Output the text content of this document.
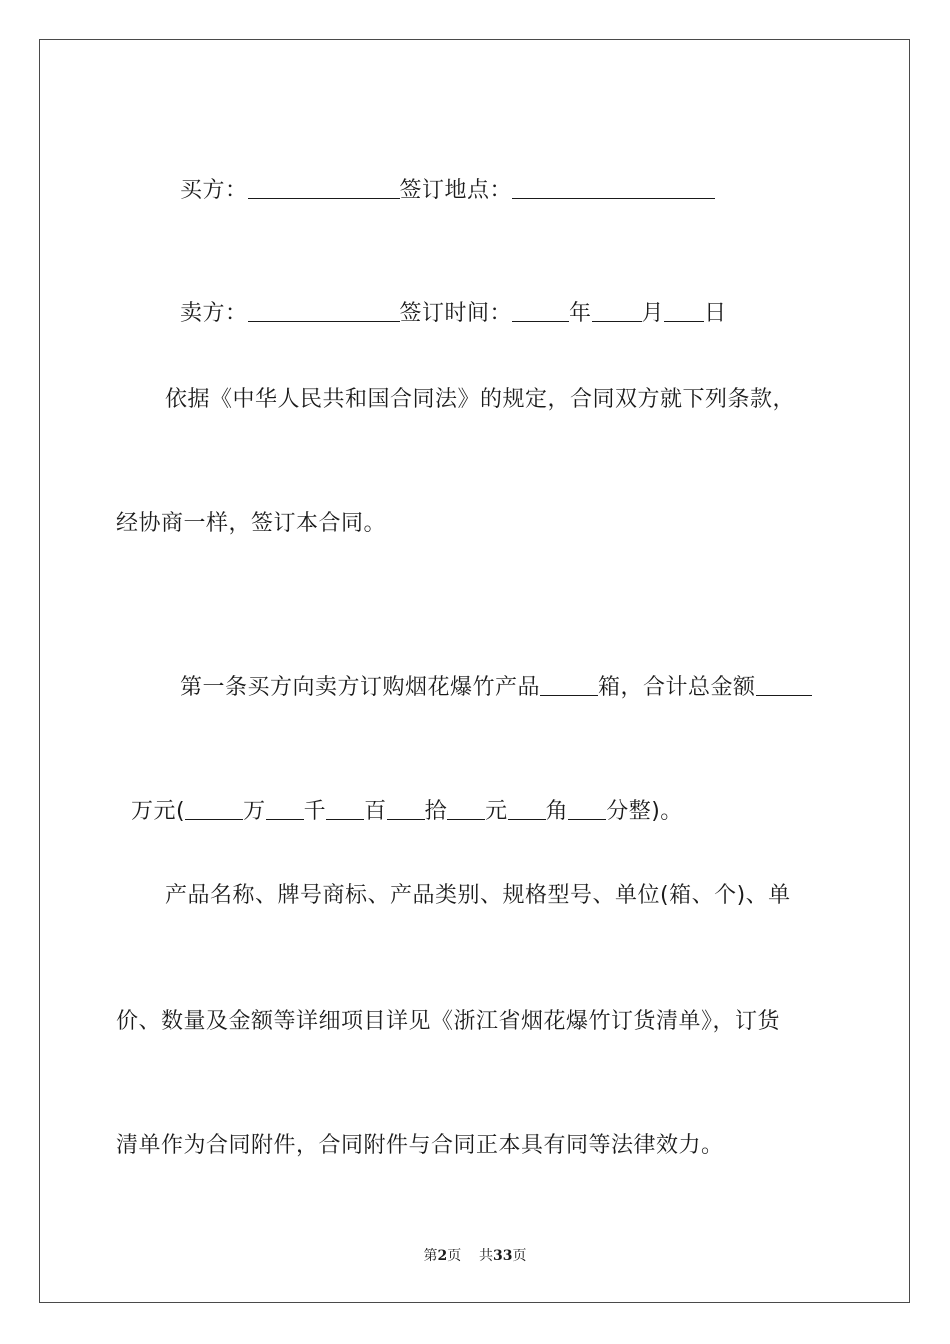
买方：	签订地点：

卖方：	签订时间：	年 月 日

依据《中华人民共和国合同法》的规定，合同双方就下列条款，
经协商一样，签订本合同。

第一条买方向卖方订购烟花爆竹产品	箱，合计总金额

万元(	万 千 百 拾 元 角 分整)。

产品名称、牌号商标、产品类别、规格型号、单位(箱、个)、单
价、数量及金额等详细项目详见《浙江省烟花爆竹订货清单》，订货
清单作为合同附件，合同附件与合同正本具有同等法律效力。
第2页 共33页
